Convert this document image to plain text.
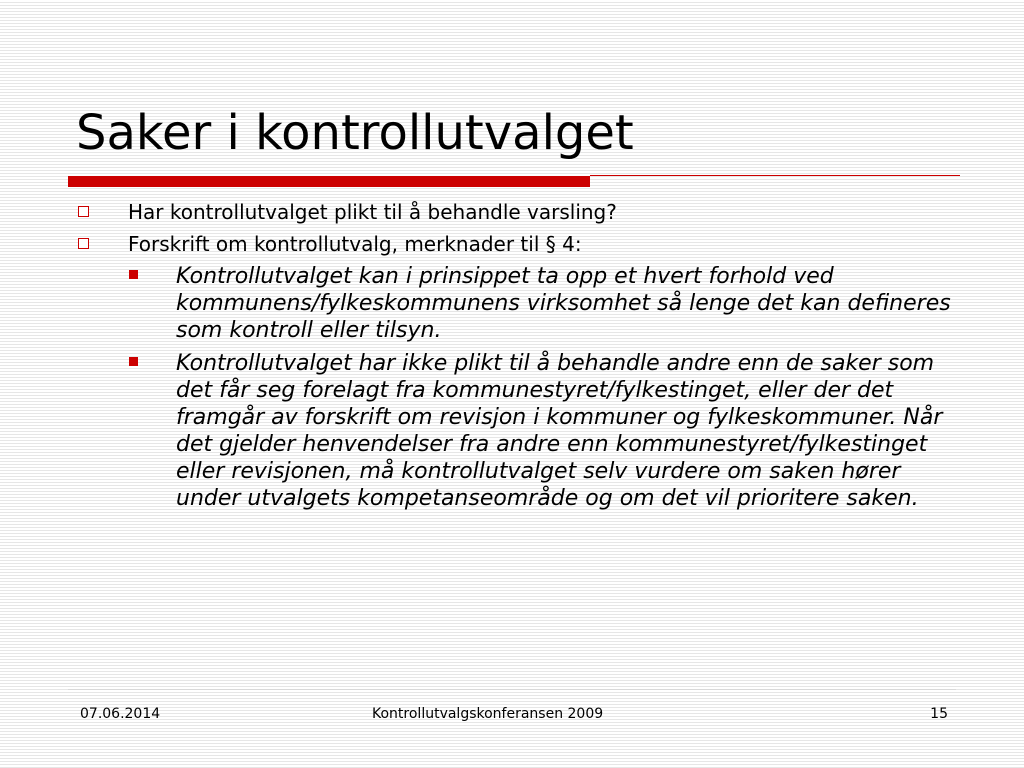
Saker i kontrollutvalget
Har kontrollutvalget plikt til å behandle varsling?
Forskrift om kontrollutvalg, merknader til § 4:
Kontrollutvalget kan i prinsippet ta opp et hvert forhold ved kommunens/fylkeskommunens virksomhet så lenge det kan defineres som kontroll eller tilsyn.
Kontrollutvalget har ikke plikt til å behandle andre enn de saker som det får seg forelagt fra kommunestyret/fylkestinget, eller der det framgår av forskrift om revisjon i kommuner og fylkeskommuner. Når det gjelder henvendelser fra andre enn kommunestyret/fylkestinget eller revisjonen, må kontrollutvalget selv vurdere om saken hører under utvalgets kompetanseområde og om det vil prioritere saken.
07.06.2014	Kontrollutvalgskonferansen 2009	15
